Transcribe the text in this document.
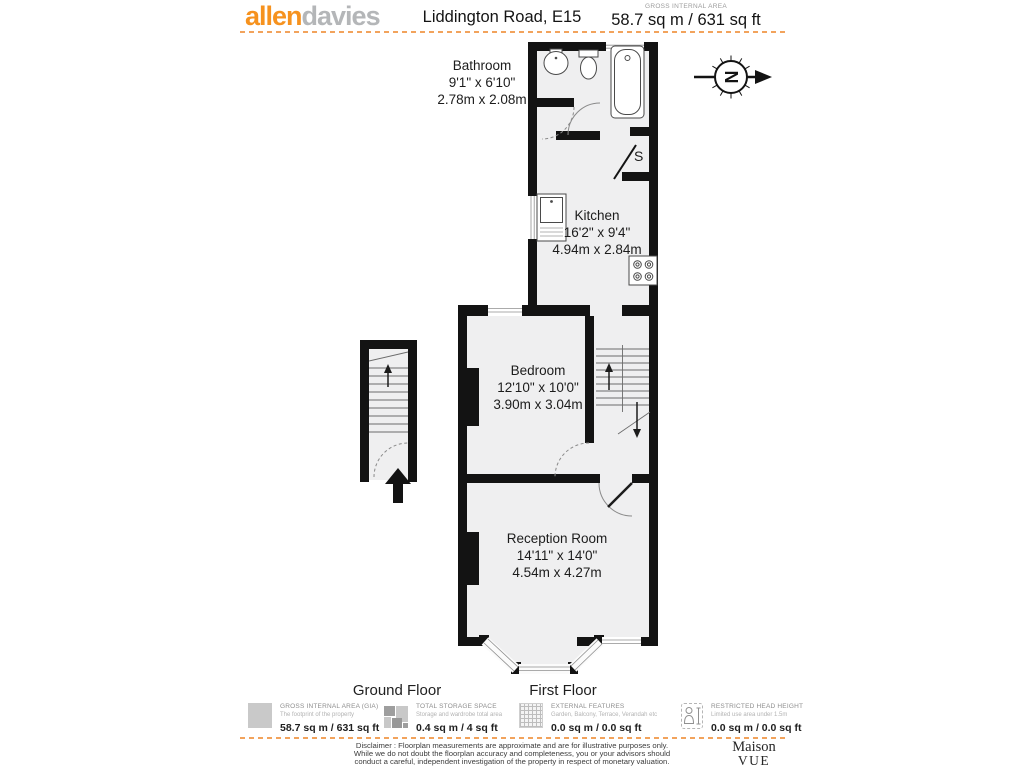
allendavies	Liddington Road, E15
GROSS INTERNAL AREA
58.7 sq m / 631 sq ft
N
Bathroom
9'1" x 6'10"
2.78m x 2.08m
Kitchen
16'2" x 9'4"
4.94m x 2.84m
Bedroom
12'10" x 10'0"
3.90m x 3.04m
Reception Room
14'11" x 14'0"
4.54m x 4.27m
S
Ground Floor	First Floor
GROSS INTERNAL AREA (GIA)
The footprint of the property
58.7 sq m / 631 sq ft
TOTAL STORAGE SPACE
Storage and wardrobe total area
0.4 sq m / 4 sq ft
EXTERNAL FEATURES
Garden, Balcony, Terrace, Verandah etc
0.0 sq m / 0.0 sq ft
RESTRICTED HEAD HEIGHT
Limited use area under 1.5m
0.0 sq m / 0.0 sq ft
Disclaimer : Floorplan measurements are approximate and are for illustrative purposes only.
While we do not doubt the floorplan accuracy and completeness, you or your advisors should
conduct a careful, independent investigation of the property in respect of monetary valuation.
Maison
VUE
